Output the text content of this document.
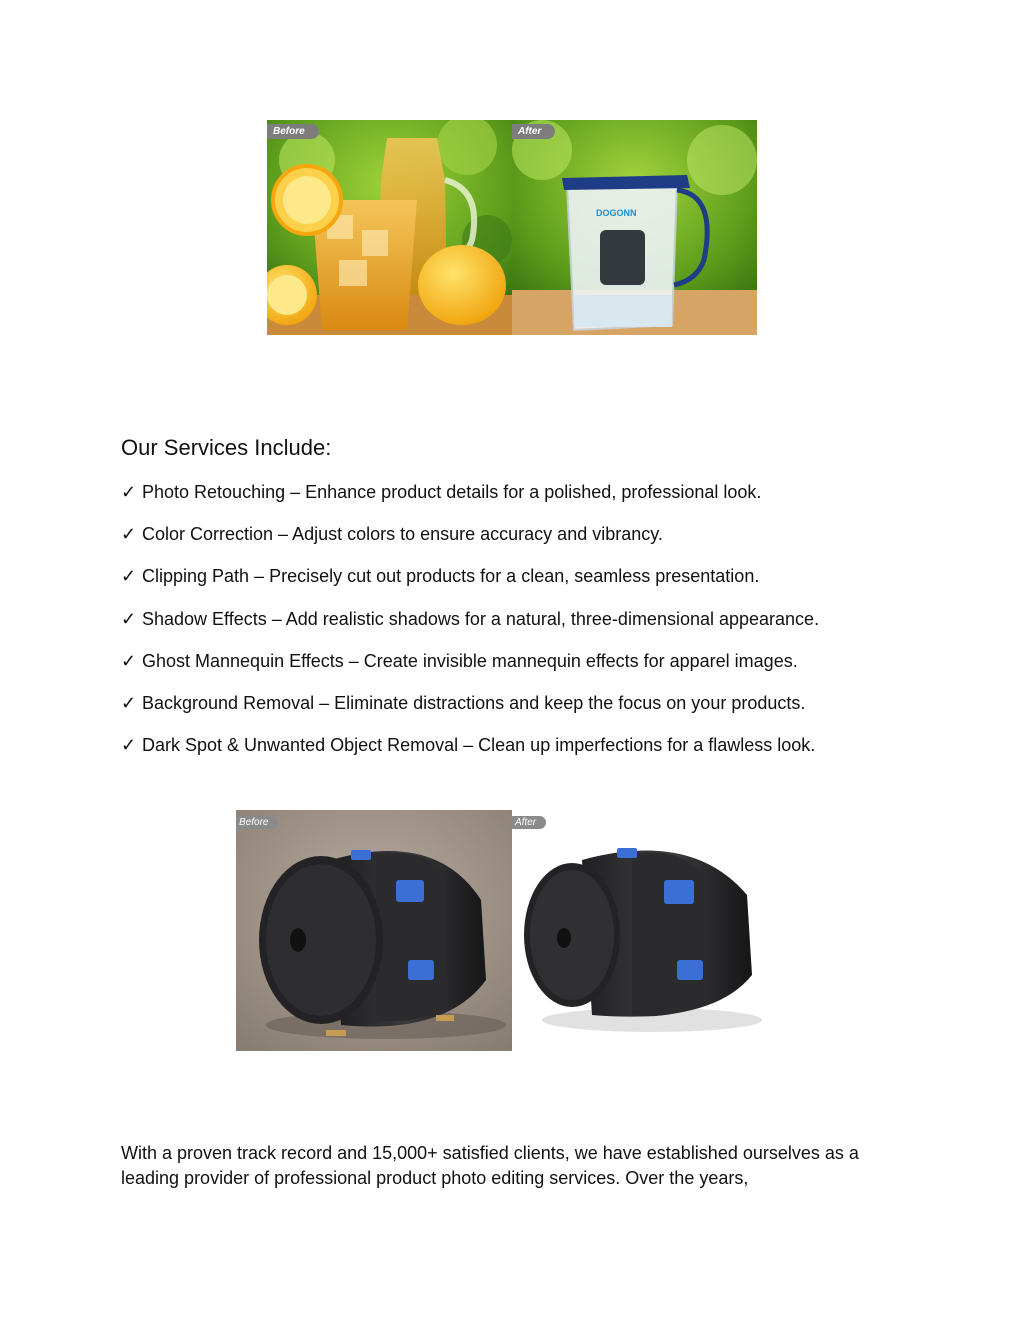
Before
DOGONN
After
Our Services Include:
✓ Photo Retouching – Enhance product details for a polished, professional look.
✓ Color Correction – Adjust colors to ensure accuracy and vibrancy.
✓ Clipping Path – Precisely cut out products for a clean, seamless presentation.
✓ Shadow Effects – Add realistic shadows for a natural, three-dimensional appearance.
✓ Ghost Mannequin Effects – Create invisible mannequin effects for apparel images.
✓ Background Removal – Eliminate distractions and keep the focus on your products.
✓ Dark Spot & Unwanted Object Removal – Clean up imperfections for a flawless look.
Before	After

With a proven track record and 15,000+ satisfied clients, we have established ourselves as a leading provider of professional product photo editing services. Over the years,
